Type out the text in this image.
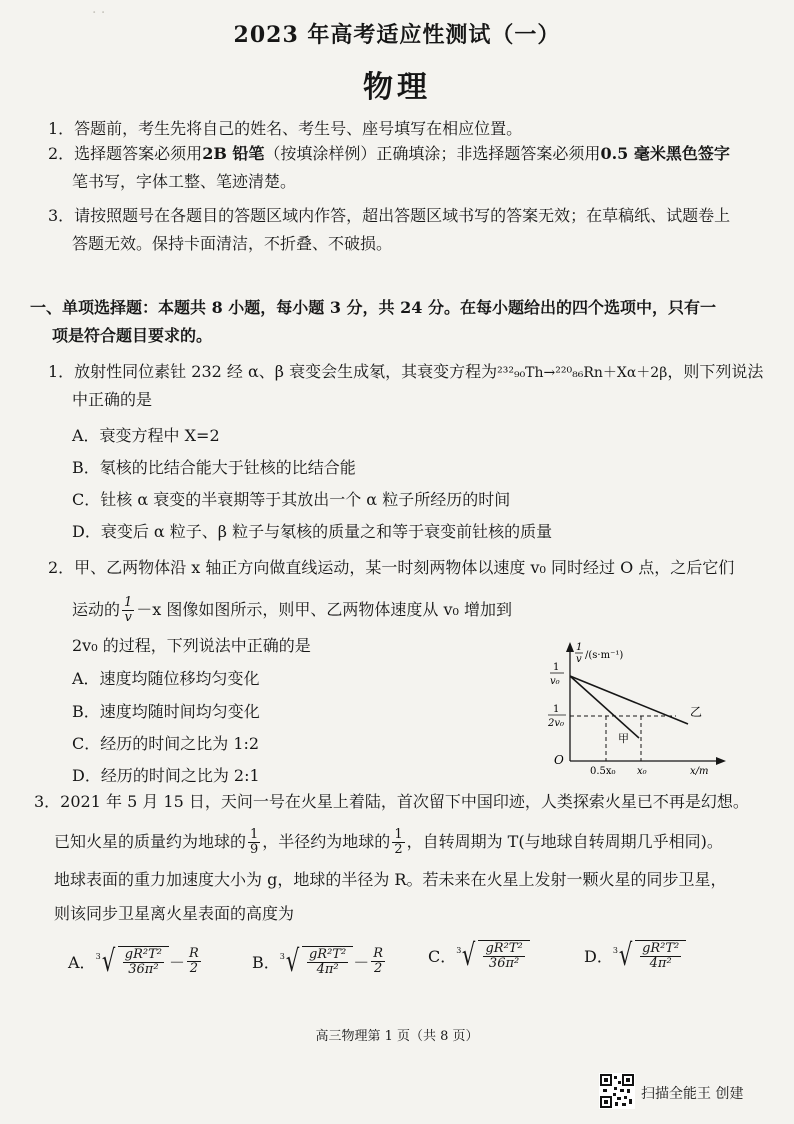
· ·
2023 年高考适应性测试（一）
物理
1．答题前，考生先将自己的姓名、考生号、座号填写在相应位置。
2．选择题答案必须用2B 铅笔（按填涂样例）正确填涂；非选择题答案必须用0.5 毫米黑色签字
笔书写，字体工整、笔迹清楚。
3．请按照题号在各题目的答题区域内作答，超出答题区域书写的答案无效；在草稿纸、试题卷上
答题无效。保持卡面清洁，不折叠、不破损。
一、单项选择题：本题共 8 小题，每小题 3 分，共 24 分。在每小题给出的四个选项中，只有一
项是符合题目要求的。
1．放射性同位素钍 232 经 α、β 衰变会生成氡，其衰变方程为²³²₉₀Th→²²⁰₈₆Rn＋Xα＋2β，则下列说法
中正确的是
A．衰变方程中 X=2
B．氡核的比结合能大于钍核的比结合能
C．钍核 α 衰变的半衰期等于其放出一个 α 粒子所经历的时间
D．衰变后 α 粒子、β 粒子与氡核的质量之和等于衰变前钍核的质量
2．甲、乙两物体沿 x 轴正方向做直线运动，某一时刻两物体以速度 v₀ 同时经过 O 点，之后它们
运动的 $\frac{1}{v} -x$ 图像如图所示，则甲、乙两物体速度从 v₀ 增加到
2v₀ 的过程，下列说法中正确的是
A．速度均随位移均匀变化
B．速度均随时间均匀变化
C．经历的时间之比为 1:2
D．经历的时间之比为 2:1
1
v₀
1
2v₀
1
v /(s·m⁻¹)
O
0.5x₀ x₀	x/m
甲
乙
3．2021 年 5 月 15 日，天问一号在火星上着陆，首次留下中国印迹，人类探索火星已不再是幻想。
已知火星的质量约为地球的 $\frac{1}{9}$ ，半径约为地球的 $\frac{1}{2}$ ，自转周期为 T(与地球自转周期几乎相同)。
地球表面的重力加速度大小为 g，地球的半径为 R。若未来在火星上发射一颗火星的同步卫星，
则该同步卫星离火星表面的高度为
A． 3 √ $\frac{\text{gR²T²}}{\text{36π²}} - \frac{R}{2}$	B． 3 √ $\frac{\text{gR²T²}}{\text{4π²}} - \frac{R}{2}$	C． 3 √ $\frac{\text{gR²T²}}{\text{36π²}}$	D． 3 √ $\frac{\text{gR²T²}}{\text{4π²}}$
高三物理第 1 页（共 8 页）
扫描全能王 创建
